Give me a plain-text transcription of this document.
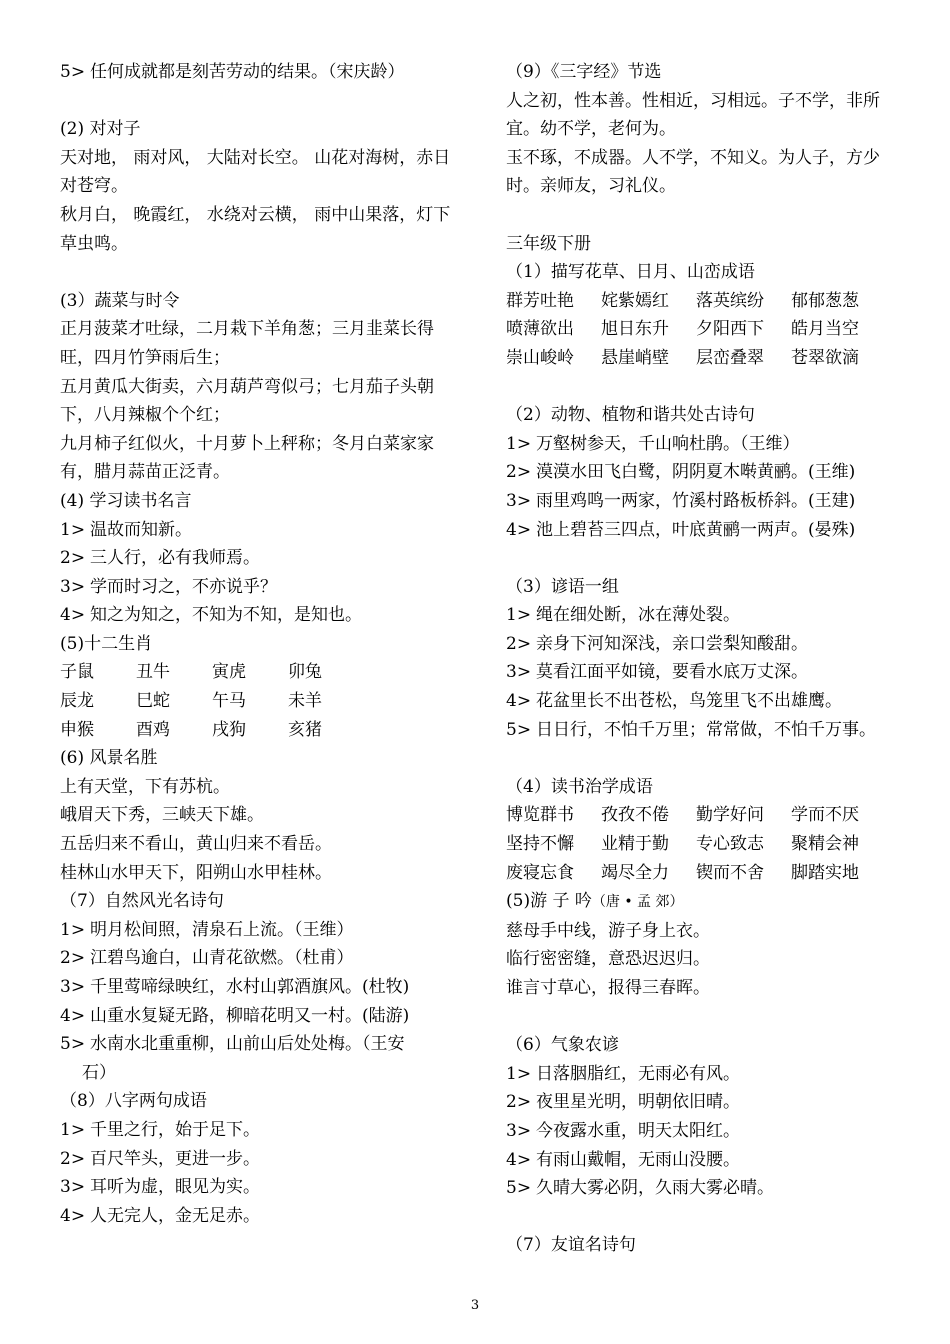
5> 任何成就都是刻苦劳动的结果。（宋庆龄）
(2) 对对子
天对地， 雨对风， 大陆对长空。 山花对海树，赤日对苍穹。
秋月白， 晚霞红， 水绕对云横， 雨中山果落，灯下草虫鸣。
(3）蔬菜与时令
正月菠菜才吐绿，二月栽下羊角葱；三月韭菜长得旺，四月竹笋雨后生；
五月黄瓜大街卖，六月葫芦弯似弓；七月茄子头朝下，八月辣椒个个红；
九月柿子红似火，十月萝卜上秤称；冬月白菜家家有，腊月蒜苗正泛青。
(4) 学习读书名言
1> 温故而知新。
2> 三人行，必有我师焉。
3> 学而时习之，不亦说乎？
4> 知之为知之，不知为不知，是知也。
(5)十二生肖
子鼠	丑牛	寅虎	卯兔
辰龙	巳蛇	午马	未羊
申猴	酉鸡	戌狗	亥猪
(6) 风景名胜
上有天堂，下有苏杭。
峨眉天下秀，三峡天下雄。
五岳归来不看山，黄山归来不看岳。
桂林山水甲天下，阳朔山水甲桂林。
（7）自然风光名诗句
1> 明月松间照，清泉石上流。（王维）
2> 江碧鸟逾白，山青花欲燃。（杜甫）
3> 千里莺啼绿映红，水村山郭酒旗风。(杜牧)
4> 山重水复疑无路，柳暗花明又一村。(陆游)
5> 水南水北重重柳，山前山后处处梅。（王安
石）
（8）八字两句成语
1> 千里之行，始于足下。
2> 百尺竿头，更进一步。
3> 耳听为虚，眼见为实。
4> 人无完人，金无足赤。
（9）《三字经》节选
人之初，性本善。性相近，习相远。子不学，非所宜。幼不学，老何为。
玉不琢，不成器。人不学，不知义。为人子，方少时。亲师友，习礼仪。
三年级下册
（1）描写花草、日月、山峦成语
群芳吐艳	姹紫嫣红	落英缤纷	郁郁葱葱
喷薄欲出	旭日东升	夕阳西下	皓月当空
崇山峻岭	悬崖峭壁	层峦叠翠	苍翠欲滴
（2）动物、植物和谐共处古诗句
1> 万壑树参天，千山响杜鹃。（王维）
2> 漠漠水田飞白鹭，阴阴夏木啭黄鹂。(王维)
3> 雨里鸡鸣一两家，竹溪村路板桥斜。(王建)
4> 池上碧苔三四点，叶底黄鹂一两声。(晏殊)
（3）谚语一组
1> 绳在细处断，冰在薄处裂。
2> 亲身下河知深浅，亲口尝梨知酸甜。
3> 莫看江面平如镜，要看水底万丈深。
4> 花盆里长不出苍松，鸟笼里飞不出雄鹰。
5> 日日行，不怕千万里；常常做，不怕千万事。
（4）读书治学成语
博览群书	孜孜不倦	勤学好问	学而不厌
坚持不懈	业精于勤	专心致志	聚精会神
废寝忘食	竭尽全力	锲而不舍	脚踏实地
(5)游 子 吟（唐 • 孟 郊）
慈母手中线，游子身上衣。
临行密密缝，意恐迟迟归。
谁言寸草心，报得三春晖。
（6）气象农谚
1> 日落胭脂红，无雨必有风。
2> 夜里星光明，明朝依旧晴。
3> 今夜露水重，明天太阳红。
4> 有雨山戴帽，无雨山没腰。
5> 久晴大雾必阴，久雨大雾必晴。
（7）友谊名诗句
3
